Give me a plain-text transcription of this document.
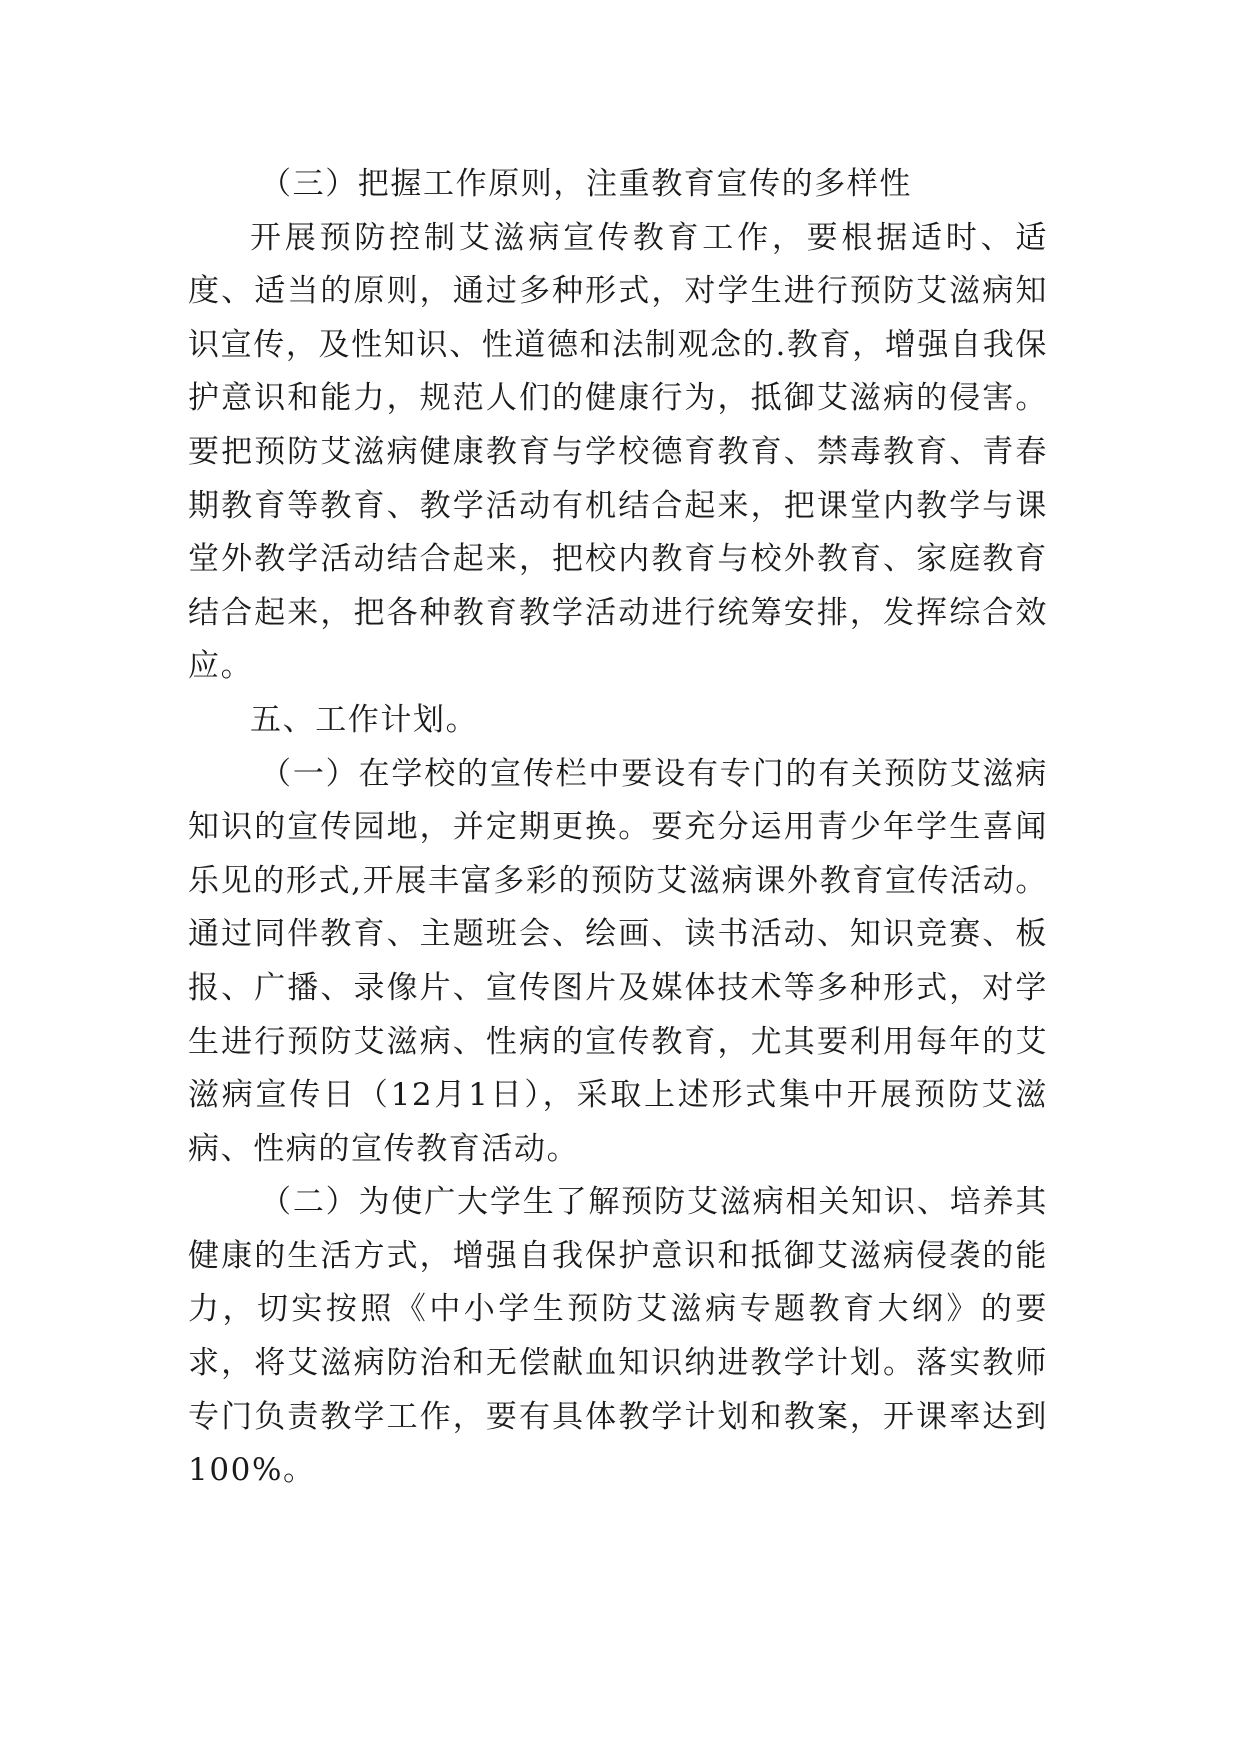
（三）把握工作原则，注重教育宣传的多样性

开展预防控制艾滋病宣传教育工作，要根据适时、适度、适当的原则，通过多种形式，对学生进行预防艾滋病知识宣传，及性知识、性道德和法制观念的.教育，增强自我保护意识和能力，规范人们的健康行为，抵御艾滋病的侵害。要把预防艾滋病健康教育与学校德育教育、禁毒教育、青春期教育等教育、教学活动有机结合起来，把课堂内教学与课堂外教学活动结合起来，把校内教育与校外教育、家庭教育结合起来，把各种教育教学活动进行统筹安排，发挥综合效应。

五、工作计划。

（一）在学校的宣传栏中要设有专门的有关预防艾滋病知识的宣传园地，并定期更换。要充分运用青少年学生喜闻乐见的形式,开展丰富多彩的预防艾滋病课外教育宣传活动。通过同伴教育、主题班会、绘画、读书活动、知识竞赛、板报、广播、录像片、宣传图片及媒体技术等多种形式，对学生进行预防艾滋病、性病的宣传教育，尤其要利用每年的艾滋病宣传日（12月1日），采取上述形式集中开展预防艾滋病、性病的宣传教育活动。

（二）为使广大学生了解预防艾滋病相关知识、培养其健康的生活方式，增强自我保护意识和抵御艾滋病侵袭的能力，切实按照《中小学生预防艾滋病专题教育大纲》的要求，将艾滋病防治和无偿献血知识纳进教学计划。落实教师专门负责教学工作，要有具体教学计划和教案，开课率达到100%。
